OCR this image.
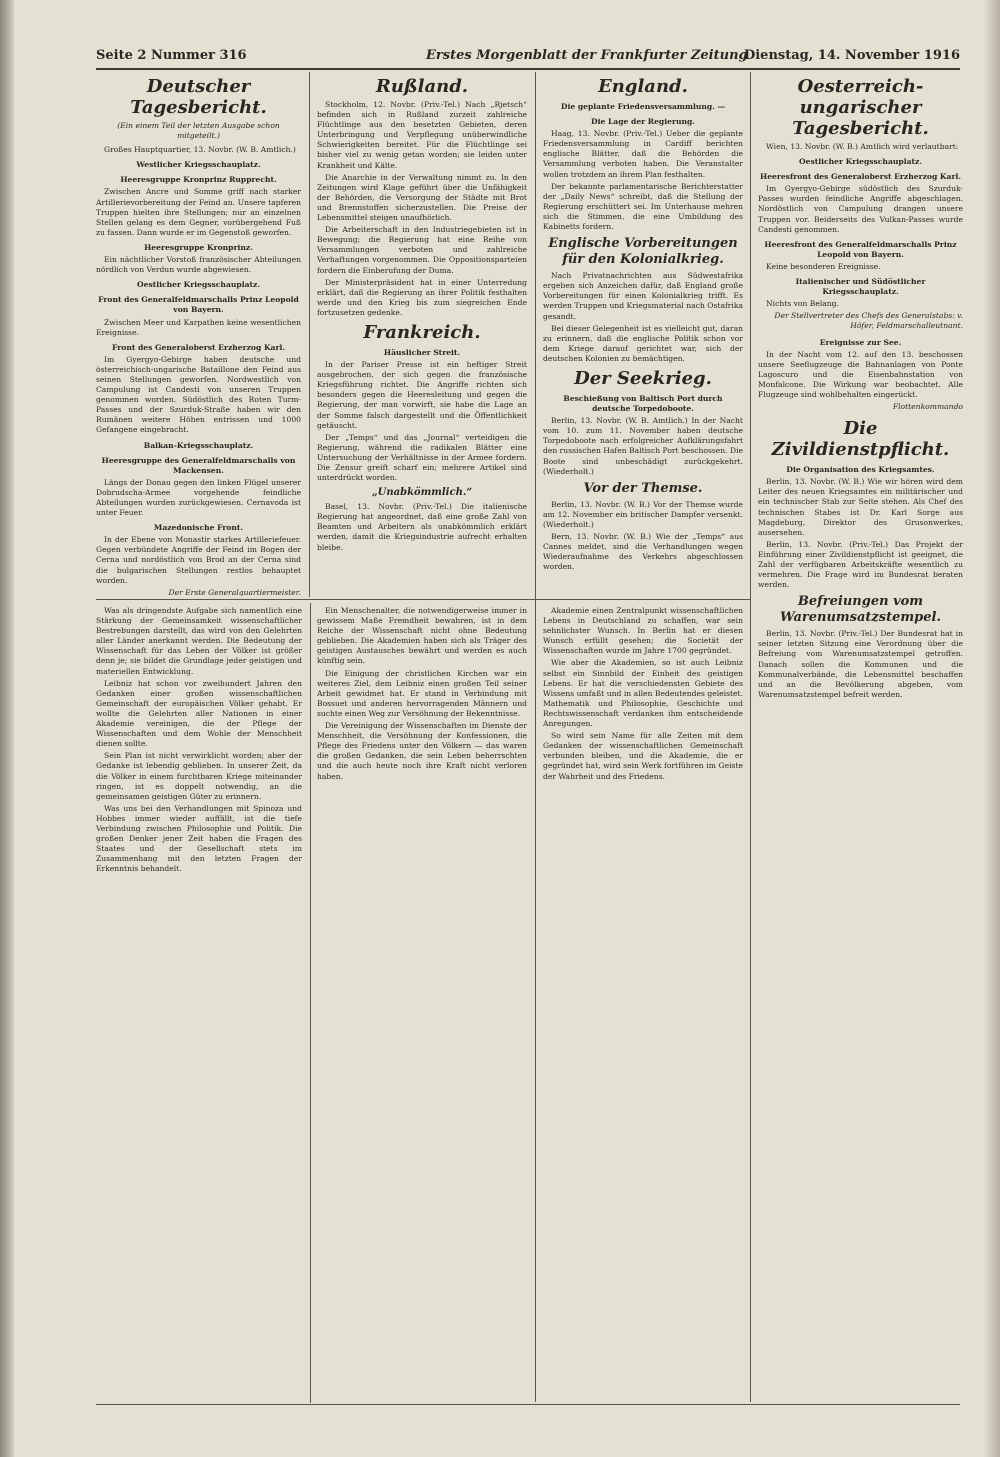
Seite 2 Nummer 316	Erstes Morgenblatt der Frankfurter Zeitung
Dienstag, 14. November 1916
Deutscher Tagesbericht.
(Ein einem Teil der letzten Ausgabe schon mitgeteilt.)

Großes Hauptquartier, 13. Novbr. (W. B. Amtlich.)

Westlicher Kriegsschauplatz.
Heeresgruppe Kronprinz Rupprecht.

Zwischen Ancre und Somme griff nach starker Artillerievorbereitung der Feind an. Unsere tapferen Truppen hielten ihre Stellungen; nur an einzelnen Stellen gelang es dem Gegner, vorübergehend Fuß zu fassen. Dann wurde er im Gegenstoß geworfen.

Heeresgruppe Kronprinz.

Ein nächtlicher Vorstoß französischer Abteilungen nördlich von Verdun wurde abgewiesen.

Oestlicher Kriegsschauplatz.
Front des Generalfeldmarschalls Prinz Leopold von Bayern.

Zwischen Meer und Karpathen keine wesentlichen Ereignisse.

Front des Generaloberst Erzherzog Karl.

Im Gyergyo-Gebirge haben deutsche und österreichisch-ungarische Bataillone den Feind aus seinen Stellungen geworfen. Nordwestlich von Campulung ist Candesti von unseren Truppen genommen worden. Südöstlich des Roten Turm-Passes und der Szurduk-Straße haben wir den Rumänen weitere Höhen entrissen und 1000 Gefangene eingebracht.

Balkan-Kriegsschauplatz.
Heeresgruppe des Generalfeldmarschalls von Mackensen.

Längs der Donau gegen den linken Flügel unserer Dobrudscha-Armee vorgehende feindliche Abteilungen wurden zurückgewiesen. Cernavoda ist unter Feuer.

Mazedonische Front.

In der Ebene von Monastir starkes Artilleriefeuer. Gegen verbündete Angriffe der Feind im Bogen der Cerna und nordöstlich von Brod an der Cerna sind die bulgarischen Stellungen restlos behauptet worden.

Der Erste Generalquartiermeister.

Rußland.

Stockholm, 12. Novbr. (Priv.-Tel.) Nach „Rjetsch“ befinden sich in Rußland zurzeit zahlreiche Flüchtlinge aus den besetzten Gebieten, deren Unterbringung und Verpflegung unüberwindliche Schwierigkeiten bereitet. Für die Flüchtlinge sei bisher viel zu wenig getan worden; sie leiden unter Krankheit und Kälte.

Die Anarchie in der Verwaltung nimmt zu. In den Zeitungen wird Klage geführt über die Unfähigkeit der Behörden, die Versorgung der Städte mit Brot und Brennstoffen sicherzustellen. Die Preise der Lebensmittel steigen unaufhörlich.

Die Arbeiterschaft in den Industriegebieten ist in Bewegung; die Regierung hat eine Reihe von Versammlungen verboten und zahlreiche Verhaftungen vorgenommen. Die Oppositionsparteien fordern die Einberufung der Duma.

Der Ministerpräsident hat in einer Unterredung erklärt, daß die Regierung an ihrer Politik festhalten werde und den Krieg bis zum siegreichen Ende fortzusetzen gedenke.

Frankreich.
Häuslicher Streit.

In der Pariser Presse ist ein heftiger Streit ausgebrochen, der sich gegen die französische Kriegsführung richtet. Die Angriffe richten sich besonders gegen die Heeresleitung und gegen die Regierung, der man vorwirft, sie habe die Lage an der Somme falsch dargestellt und die Öffentlichkeit getäuscht.

Der „Temps“ und das „Journal“ verteidigen die Regierung, während die radikalen Blätter eine Untersuchung der Verhältnisse in der Armee fordern. Die Zensur greift scharf ein; mehrere Artikel sind unterdrückt worden.

„Unabkömmlich.“

Basel, 13. Novbr. (Priv.-Tel.) Die italienische Regierung hat angeordnet, daß eine große Zahl von Beamten und Arbeitern als unabkömmlich erklärt werden, damit die Kriegsindustrie aufrecht erhalten bleibe.

England.
Die geplante Friedensversammlung. —
Die Lage der Regierung.

Haag, 13. Novbr. (Priv.-Tel.) Ueber die geplante Friedensversammlung in Cardiff berichten englische Blätter, daß die Behörden die Versammlung verboten haben. Die Veranstalter wollen trotzdem an ihrem Plan festhalten.

Der bekannte parlamentarische Berichterstatter der „Daily News“ schreibt, daß die Stellung der Regierung erschüttert sei. Im Unterhause mehren sich die Stimmen, die eine Umbildung des Kabinetts fordern.

Englische Vorbereitungen für den Kolonialkrieg.

Nach Privatnachrichten aus Südwestafrika ergeben sich Anzeichen dafür, daß England große Vorbereitungen für einen Kolonialkrieg trifft. Es werden Truppen und Kriegsmaterial nach Ostafrika gesandt.

Bei dieser Gelegenheit ist es vielleicht gut, daran zu erinnern, daß die englische Politik schon vor dem Kriege darauf gerichtet war, sich der deutschen Kolonien zu bemächtigen.

Der Seekrieg.
Beschießung von Baltisch Port durch deutsche Torpedoboote.

Berlin, 13. Novbr. (W. B. Amtlich.) In der Nacht vom 10. zum 11. November haben deutsche Torpedoboote nach erfolgreicher Aufklärungsfahrt den russischen Hafen Baltisch Port beschossen. Die Boote sind unbeschädigt zurückgekehrt. (Wiederholt.)

Vor der Themse.

Berlin, 13. Novbr. (W. B.) Vor der Themse wurde am 12. November ein britischer Dampfer versenkt. (Wiederholt.)

Bern, 13. Novbr. (W. B.) Wie der „Temps“ aus Cannes meldet, sind die Verhandlungen wegen Wiederaufnahme des Verkehrs abgeschlossen worden.

Oesterreich-ungarischer Tagesbericht.

Wien, 13. Novbr. (W. B.) Amtlich wird verlautbart:

Oestlicher Kriegsschauplatz.
Heeresfront des Generaloberst Erzherzog Karl.

Im Gyergyo-Gebirge südöstlich des Szurduk-Passes wurden feindliche Angriffe abgeschlagen. Nordöstlich von Campulung drangen unsere Truppen vor. Beiderseits des Vulkan-Passes wurde Candesti genommen.

Heeresfront des Generalfeldmarschalls Prinz Leopold von Bayern.

Keine besonderen Ereignisse.

Italienischer und Südöstlicher Kriegsschauplatz.

Nichts von Belang.

Der Stellvertreter des Chefs des Generalstabs: v. Höfer, Feldmarschalleutnant.
Ereignisse zur See.

In der Nacht vom 12. auf den 13. beschossen unsere Seeflugzeuge die Bahnanlagen von Ponte Lagoscuro und die Eisenbahnstation von Monfalcone. Die Wirkung war beobachtet. Alle Flugzeuge sind wohlbehalten eingerückt.

Flottenkommando
Die Zivildienstpflicht.
Die Organisation des Kriegsamtes.

Berlin, 13. Novbr. (W. B.) Wie wir hören wird dem Leiter des neuen Kriegsamtes ein militärischer und ein technischer Stab zur Seite stehen. Als Chef des technischen Stabes ist Dr. Karl Sorge aus Magdeburg, Direktor des Grusonwerkes, ausersehen.

Berlin, 13. Novbr. (Priv.-Tel.) Das Projekt der Einführung einer Zivildienstpflicht ist geeignet, die Zahl der verfügbaren Arbeitskräfte wesentlich zu vermehren. Die Frage wird im Bundesrat beraten werden.

Befreiungen vom Warenumsatzstempel.

Berlin, 13. Novbr. (Priv.-Tel.) Der Bundesrat hat in seiner letzten Sitzung eine Verordnung über die Befreiung vom Warenumsatzstempel getroffen. Danach sollen die Kommunen und die Kommunalverbände, die Lebensmittel beschaffen und an die Bevölkerung abgeben, vom Warenumsatzstempel befreit werden.

Was als dringendste Aufgabe sich namentlich eine Stärkung der Gemeinsamkeit wissenschaftlicher Bestrebungen darstellt, das wird von den Gelehrten aller Länder anerkannt werden. Die Bedeutung der Wissenschaft für das Leben der Völker ist größer denn je; sie bildet die Grundlage jeder geistigen und materiellen Entwicklung.

Leibniz hat schon vor zweihundert Jahren den Gedanken einer großen wissenschaftlichen Gemeinschaft der europäischen Völker gehabt. Er wollte die Gelehrten aller Nationen in einer Akademie vereinigen, die der Pflege der Wissenschaften und dem Wohle der Menschheit dienen sollte.

Sein Plan ist nicht verwirklicht worden; aber der Gedanke ist lebendig geblieben. In unserer Zeit, da die Völker in einem furchtbaren Kriege miteinander ringen, ist es doppelt notwendig, an die gemeinsamen geistigen Güter zu erinnern.

Was uns bei den Verhandlungen mit Spinoza und Hobbes immer wieder auffällt, ist die tiefe Verbindung zwischen Philosophie und Politik. Die großen Denker jener Zeit haben die Fragen des Staates und der Gesellschaft stets im Zusammenhang mit den letzten Fragen der Erkenntnis behandelt.

Ein Menschenalter, die notwendigerweise immer in gewissem Maße Fremdheit bewahren, ist in dem Reiche der Wissenschaft nicht ohne Bedeutung geblieben. Die Akademien haben sich als Träger des geistigen Austausches bewährt und werden es auch künftig sein.

Die Einigung der christlichen Kirchen war ein weiteres Ziel, dem Leibniz einen großen Teil seiner Arbeit gewidmet hat. Er stand in Verbindung mit Bossuet und anderen hervorragenden Männern und suchte einen Weg zur Versöhnung der Bekenntnisse.

Die Vereinigung der Wissenschaften im Dienste der Menschheit, die Versöhnung der Konfessionen, die Pflege des Friedens unter den Völkern — das waren die großen Gedanken, die sein Leben beherrschten und die auch heute noch ihre Kraft nicht verloren haben.

Akademie einen Zentralpunkt wissenschaftlichen Lebens in Deutschland zu schaffen, war sein sehnlichster Wunsch. In Berlin hat er diesen Wunsch erfüllt gesehen; die Societät der Wissenschaften wurde im Jahre 1700 gegründet.

Wie aber die Akademien, so ist auch Leibniz selbst ein Sinnbild der Einheit des geistigen Lebens. Er hat die verschiedensten Gebiete des Wissens umfaßt und in allen Bedeutendes geleistet. Mathematik und Philosophie, Geschichte und Rechtswissenschaft verdanken ihm entscheidende Anregungen.

So wird sein Name für alle Zeiten mit dem Gedanken der wissenschaftlichen Gemeinschaft verbunden bleiben, und die Akademie, die er gegründet hat, wird sein Werk fortführen im Geiste der Wahrheit und des Friedens.
